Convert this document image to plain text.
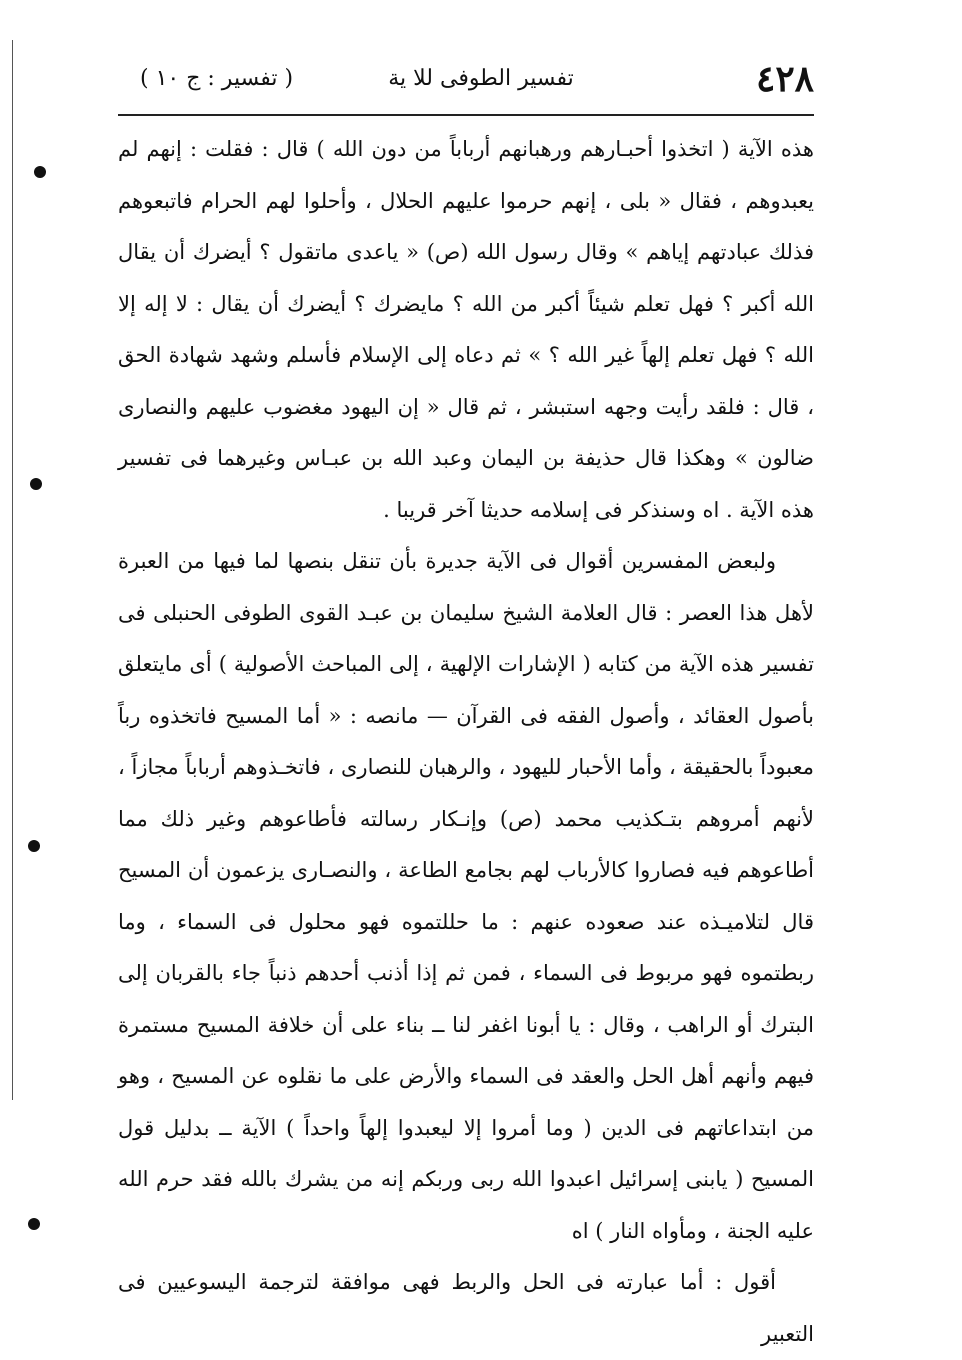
٤٢٨
تفسير الطوفى للا ية
( تفسير : ج ١٠ )

هذه الآية ( اتخذوا أحبـارهم ورهبانهم أرباباً من دون الله ) قال : فقلت : إنهم لم يعبدوهم ، فقال « بلى ، إنهم حرموا عليهم الحلال ، وأحلوا لهم الحرام فاتبعوهم فذلك عبادتهم إياهم » وقال رسول الله (ص) « ياعدى ماتقول ؟ أيضرك أن يقال الله أكبر ؟ فهل تعلم شيئاً أكبر من الله ؟ مايضرك ؟ أيضرك أن يقال : لا إله إلا الله ؟ فهل تعلم إلهاً غير الله ؟ » ثم دعاه إلى الإسلام فأسلم وشهد شهادة الحق ، قال : فلقد رأيت وجهه استبشر ، ثم قال « إن اليهود مغضوب عليهم والنصارى ضالون » وهكذا قال حذيفة بن اليمان وعبد الله بن عبـاس وغيرهما فى تفسير هذه الآية . اه وسنذكر فى إسلامه حديثا آخر قريبا .

ولبعض المفسرين أقوال فى الآية جديرة بأن تنقل بنصها لما فيها من العبرة لأهل هذا العصر : قال العلامة الشيخ سليمان بن عبـد القوى الطوفى الحنبلى فى تفسير هذه الآية من كتابه ( الإشارات الإلهية ، إلى المباحث الأصولية ) أى مايتعلق بأصول العقائد ، وأصول الفقه فى القرآن — مانصه : « أما المسيح فاتخذوه رباً معبوداً بالحقيقة ، وأما الأحبار لليهود ، والرهبان للنصارى ، فاتخـذوهم أرباباً مجازاً ، لأنهم أمروهم بتـكذيب محمد (ص) وإنـكار رسالته فأطاعوهم وغير ذلك مما أطاعوهم فيه فصاروا كالأرباب لهم بجامع الطاعة ، والنصـارى يزعمون أن المسيح قال لتلاميـذه عند صعوده عنهم : ما حللتموه فهو محلول فى السماء ، وما ربطتموه فهو مربوط فى السماء ، فمن ثم إذا أذنب أحدهم ذنباً جاء بالقربان إلى البترك أو الراهب ، وقال : يا أبونا اغفر لنا ــ بناء على أن خلافة المسيح مستمرة فيهم وأنهم أهل الحل والعقد فى السماء والأرض على ما نقلوه عن المسيح ، وهو من ابتداعاتهم فى الدين ( وما أمروا إلا ليعبدوا إلهاً واحداً ) الآية ــ بدليل قول المسيح ( يابنى إسرائيل اعبدوا الله ربى وربكم إنه من يشرك بالله فقد حرم الله عليه الجنة ، ومأواه النار ) اه

أقول : أما عبارته فى الحل والربط فهى موافقة لترجمة اليسوعيين فى التعبير
